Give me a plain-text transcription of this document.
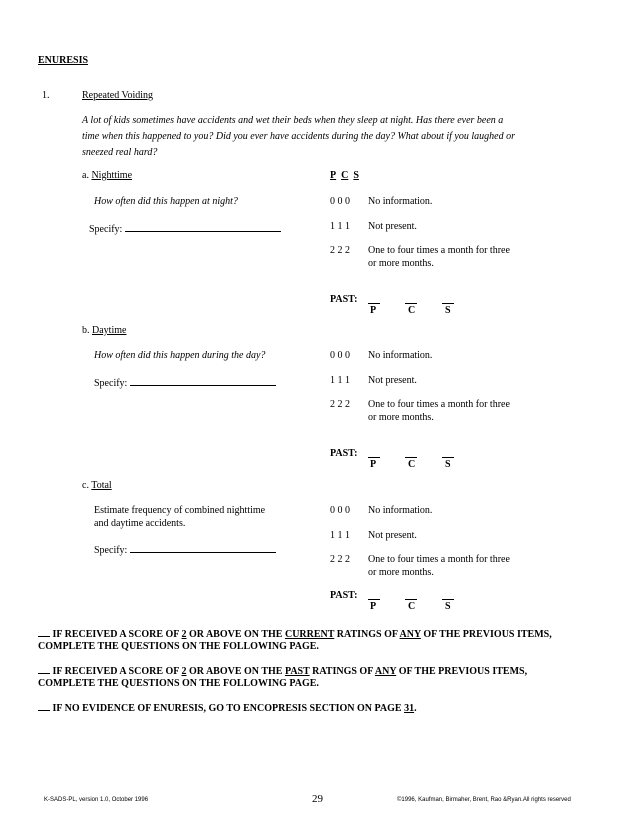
ENURESIS
1.	Repeated Voiding
A lot of kids sometimes have accidents and wet their beds when they sleep at night. Has there ever been a time when this happened to you? Did you ever have accidents during the day? What about if you laughed or sneezed real hard?
a. Nighttime	P C S
How often did this happen at night?
Specify:
0 0 0 No information.
1 1 1 Not present.
2 2 2 One to four times a month for three
or more months.
PAST:
P	C	S
b. Daytime
How often did this happen during the day?
Specify:
0 0 0 No information.
1 1 1 Not present.
2 2 2 One to four times a month for three
or more months.
PAST:
P	C	S
c. Total
Estimate frequency of combined nighttime
and daytime accidents.
Specify:
0 0 0 No information.
1 1 1 Not present.
2 2 2 One to four times a month for three
or more months.
PAST:
P	C	S
IF RECEIVED A SCORE OF 2 OR ABOVE ON THE CURRENT RATINGS OF ANY OF THE PREVIOUS ITEMS,
COMPLETE THE QUESTIONS ON THE FOLLOWING PAGE.
IF RECEIVED A SCORE OF 2 OR ABOVE ON THE PAST RATINGS OF ANY OF THE PREVIOUS ITEMS,
COMPLETE THE QUESTIONS ON THE FOLLOWING PAGE.
IF NO EVIDENCE OF ENURESIS, GO TO ENCOPRESIS SECTION ON PAGE 31.
K-SADS-PL, version 1.0, October 1996	29	©1996, Kaufman, Birmaher, Brent, Rao &Ryan.All rights reserved
